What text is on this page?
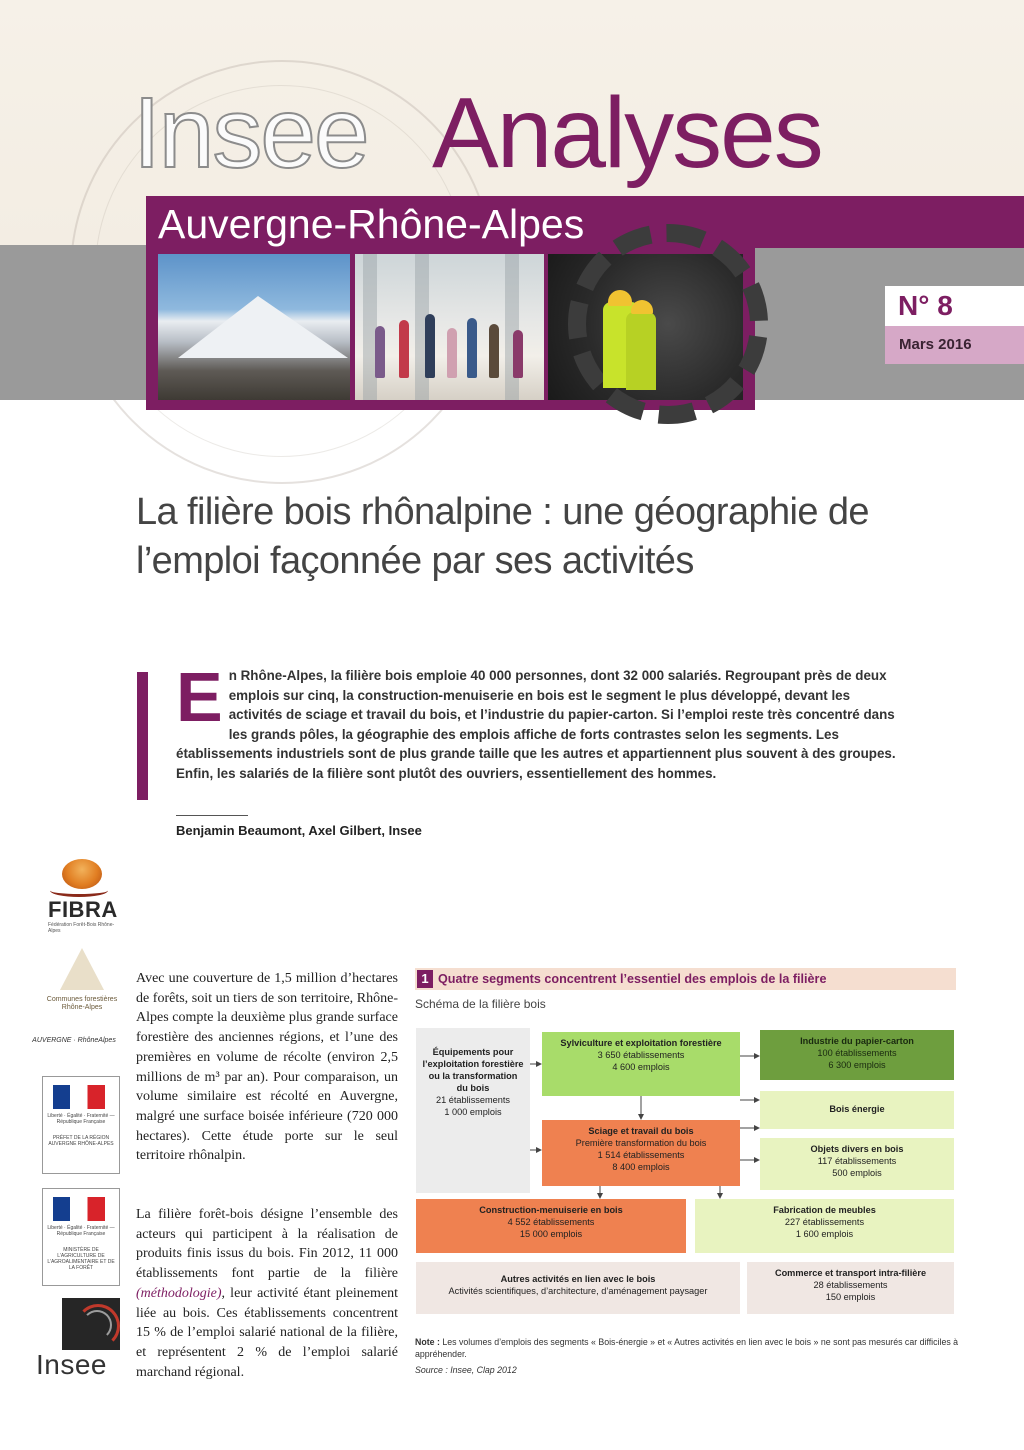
Insee Analyses
Auvergne-Rhône-Alpes
N° 8
Mars 2016
La filière bois rhônalpine : une géographie de l’emploi façonnée par ses activités

En Rhône-Alpes, la filière bois emploie 40 000 personnes, dont 32 000 salariés. Regroupant près de deux emplois sur cinq, la construction-menuiserie en bois est le segment le plus développé, devant les activités de sciage et travail du bois, et l’industrie du papier-carton. Si l’emploi reste très concentré dans les grands pôles, la géographie des emplois affiche de forts contrastes selon les segments. Les établissements industriels sont de plus grande taille que les autres et appartiennent plus souvent à des groupes. Enfin, les salariés de la filière sont plutôt des ouvriers, essentiellement des hommes.

Benjamin Beaumont, Axel Gilbert, Insee
FIBRA
Fédération Forêt-Bois Rhône-Alpes
Communes forestières
Rhône-Alpes
AUVERGNE · RhôneAlpes
Liberté · Égalité · Fraternité — République Française
PRÉFET DE LA RÉGION AUVERGNE RHÔNE-ALPES
Liberté · Égalité · Fraternité — République Française
MINISTÈRE DE L’AGRICULTURE DE L’AGROALIMENTAIRE ET DE LA FORÊT
Insee

Avec une couverture de 1,5 million d’hectares de forêts, soit un tiers de son territoire, Rhône-Alpes compte la deuxième plus grande surface forestière des anciennes régions, et l’une des premières en volume de récolte (environ 2,5 millions de m³ par an). Pour comparaison, un volume similaire est récolté en Auvergne, malgré une surface boisée inférieure (720 000 hectares). Cette étude porte sur le seul territoire rhônalpin.

La filière forêt-bois désigne l’ensemble des acteurs qui participent à la réalisation de produits finis issus du bois. Fin 2012, 11 000 établissements font partie de la filière (méthodologie), leur activité étant pleinement liée au bois. Ces établissements concentrent 15 % de l’emploi salarié national de la filière, et représentent 2 % de l’emploi salarié marchand régional.

1 Quatre segments concentrent l’essentiel des emplois de la filière
Schéma de la filière bois
Équipements pour l’exploitation forestière ou la transformation du bois
21 établissements
1 000 emplois
Sylviculture et exploitation forestière
3 650 établissements
4 600 emplois
Sciage et travail du bois
Première transformation du bois
1 514 établissements
8 400 emplois
Industrie du papier-carton
100 établissements
6 300 emplois
Bois énergie
Objets divers en bois
117 établissements
500 emplois
Construction-menuiserie en bois
4 552 établissements
15 000 emplois
Fabrication de meubles
227 établissements
1 600 emplois
Autres activités en lien avec le bois
Activités scientifiques, d’architecture, d’aménagement paysager
Commerce et transport intra-filière
28 établissements
150 emplois

Note : Les volumes d’emplois des segments « Bois-énergie » et « Autres activités en lien avec le bois » ne sont pas mesurés car difficiles à appréhender.

Source : Insee, Clap 2012
